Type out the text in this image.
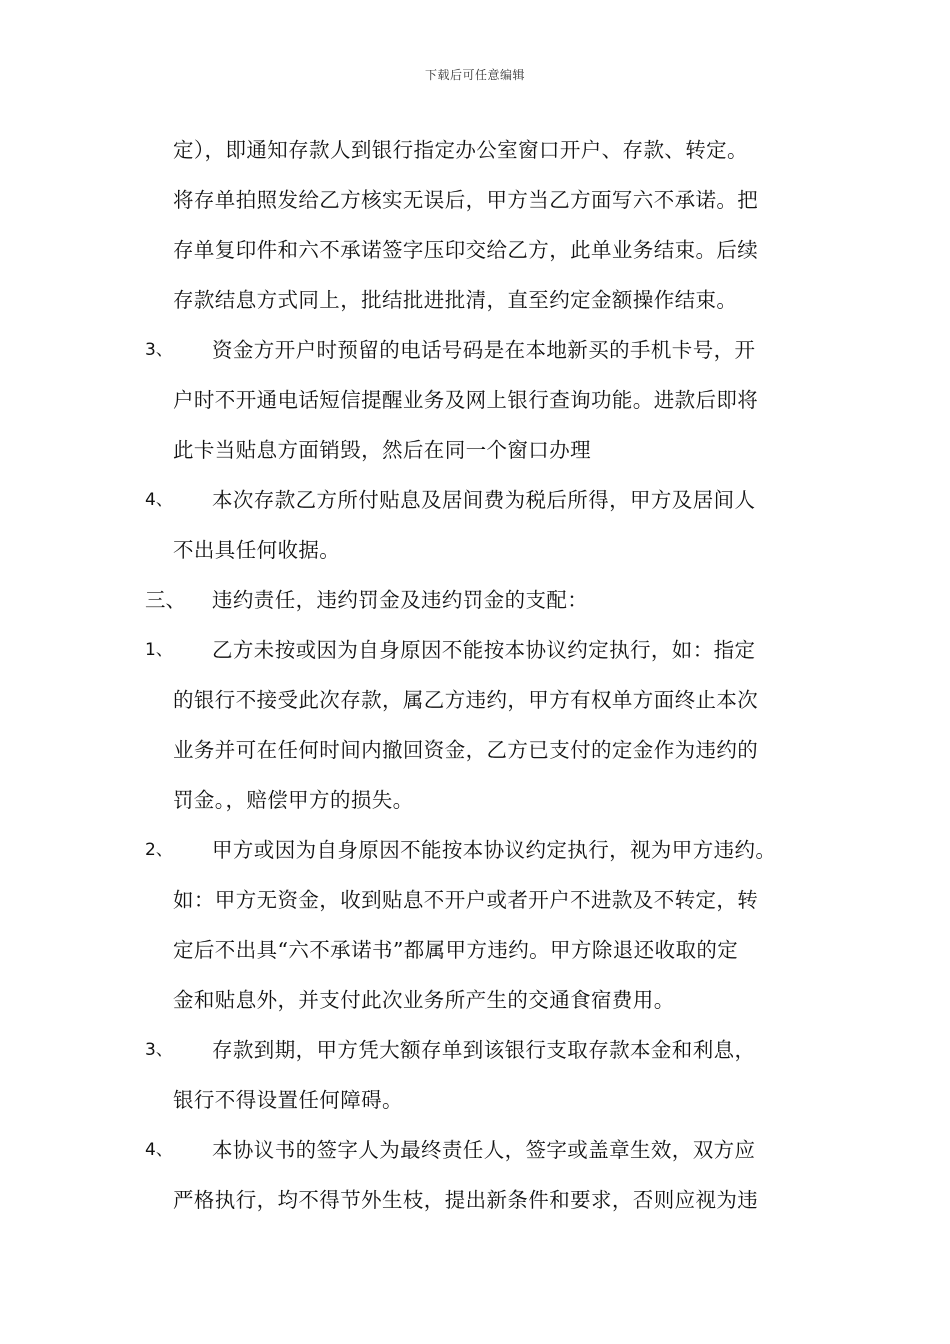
下载后可任意编辑
定），即通知存款人到银行指定办公室窗口开户、存款、转定。
将存单拍照发给乙方核实无误后，甲方当乙方面写六不承诺。把
存单复印件和六不承诺签字压印交给乙方，此单业务结束。后续
存款结息方式同上，批结批进批清，直至约定金额操作结束。
3、 资金方开户时预留的电话号码是在本地新买的手机卡号，开
户时不开通电话短信提醒业务及网上银行查询功能。进款后即将
此卡当贴息方面销毁，然后在同一个窗口办理
4、 本次存款乙方所付贴息及居间费为税后所得，甲方及居间人
不出具任何收据。
三、 违约责任，违约罚金及违约罚金的支配：
1、 乙方未按或因为自身原因不能按本协议约定执行，如：指定
的银行不接受此次存款，属乙方违约，甲方有权单方面终止本次
业务并可在任何时间内撤回资金，乙方已支付的定金作为违约的
罚金。，赔偿甲方的损失。
2、 甲方或因为自身原因不能按本协议约定执行，视为甲方违约。
如：甲方无资金，收到贴息不开户或者开户不进款及不转定，转
定后不出具“六不承诺书”都属甲方违约。甲方除退还收取的定
金和贴息外，并支付此次业务所产生的交通食宿费用。
3、 存款到期，甲方凭大额存单到该银行支取存款本金和利息，
银行不得设置任何障碍。
4、 本协议书的签字人为最终责任人，签字或盖章生效，双方应
严格执行，均不得节外生枝，提出新条件和要求，否则应视为违
